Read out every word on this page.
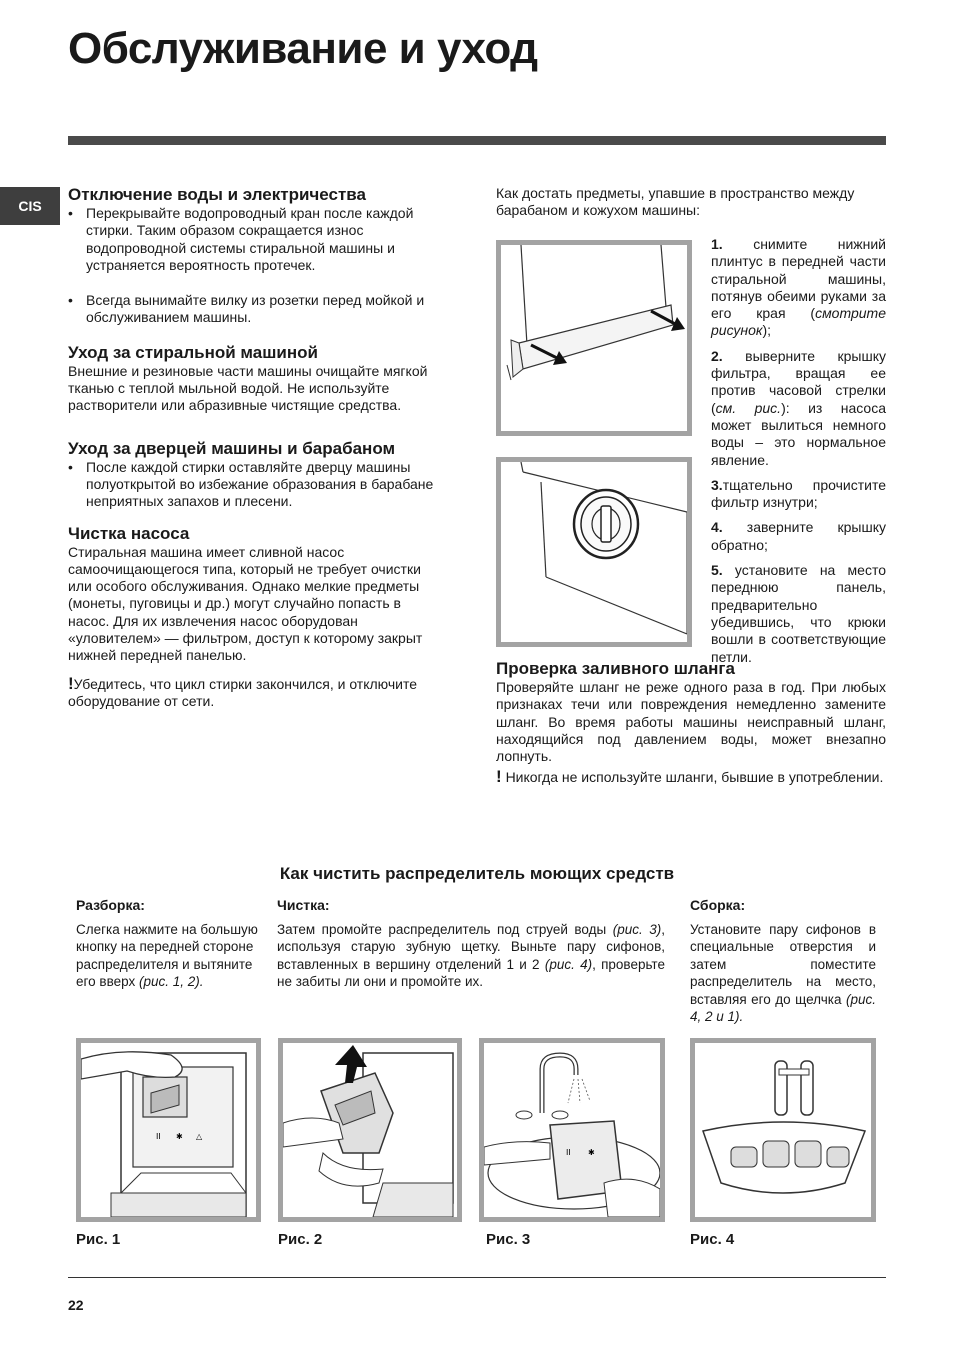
Обслуживание и уход
CIS
Отключение воды и электричества

• Перекрывайте водопроводный кран после каждой стирки. Таким образом сокращается износ водопроводной системы стиральной машины и устраняется вероятность протечек.

• Всегда вынимайте вилку из розетки перед мойкой и обслуживанием машины.

Уход за стиральной машиной

Внешние и резиновые части машины очищайте мягкой тканью с теплой мыльной водой. Не используйте растворители или абразивные чистящие средства.

Уход за дверцей машины и барабаном

• После каждой стирки оставляйте дверцу машины полуоткрытой во избежание образования в барабане неприятных запахов и плесени.

Чистка насоса

Стиральная машина имеет сливной насос самоочищающегося типа, который не требует очистки или особого обслуживания. Однако мелкие предметы (монеты, пуговицы и др.) могут случайно попасть в насос. Для их извлечения насос оборудован «уловителем» — фильтром, доступ к которому закрыт нижней передней панелью.

!Убедитесь, что цикл стирки закончился, и отключите оборудование от сети.

Как достать предметы, упавшие в пространство между барабаном и кожухом машины:

1. снимите нижний плинтус в передней части стиральной машины, потянув обеими руками за его края (смотрите рисунок);

2. выверните крышку фильтра, вращая ее против часовой стрелки (см. рис.): из насоса может вылиться немного воды – это нормальное явление.

3.тщательно прочистите фильтр изнутри;

4. заверните крышку обратно;

5. установите на место переднюю панель, предварительно убедившись, что крюки вошли в соответствующие петли.

Проверка заливного шланга

Проверяйте шланг не реже одного раза в год. При любых признаках течи или повреждения немедленно замените шланг. Во время работы машины неисправный шланг, находящийся под давлением воды, может внезапно лопнуть.

! Никогда не используйте шланги, бывшие в употреблении.

Как чистить распределитель моющих средств
Разборка:
Слегка нажмите на большую кнопку на передней стороне распределителя и вытяните его вверх (рис. 1, 2).
Чистка:
Затем промойте распределитель под струей воды (рис. 3), используя старую зубную щетку. Выньте пару сифонов, вставленных в вершину отделений 1 и 2 (рис. 4), проверьте не забиты ли они и промойте их.
Сборка:
Установите пару сифонов в специальные отверстия и затем поместите распределитель на место, вставляя его до щелчка (рис. 4, 2 и 1).
II ✱ △
Рис. 1	Рис. 2
II ✱
Рис. 3	Рис. 4
22
